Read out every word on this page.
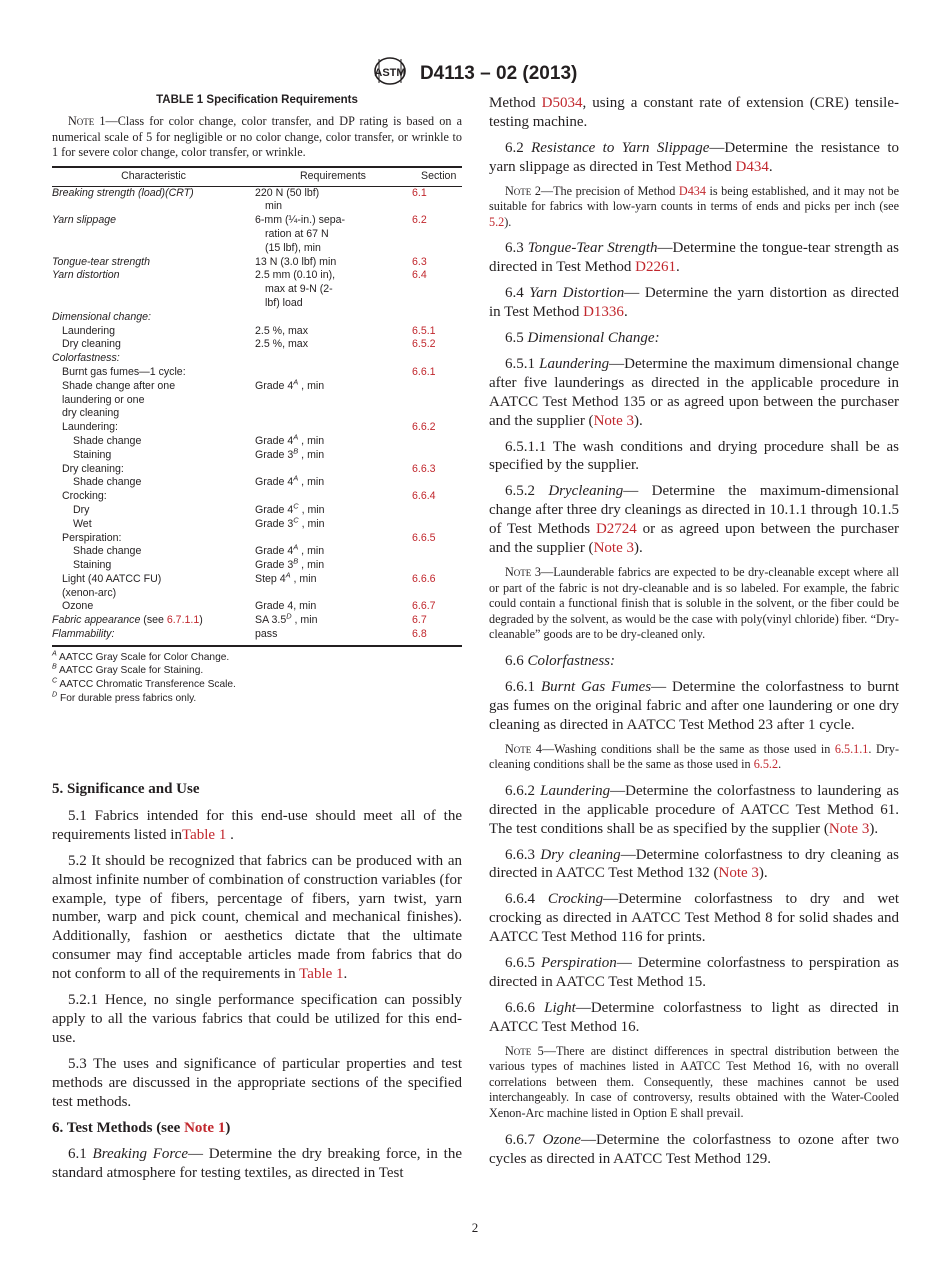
ASTM D4113 – 02 (2013)
TABLE 1 Specification Requirements

Note 1—Class for color change, color transfer, and DP rating is based on a numerical scale of 5 for negligible or no color change, color transfer, or wrinkle to 1 for severe color change, color transfer, or wrinkle.

Characteristic	Requirements	Section

Breaking strength (load)(CRT)	220 N (50 lbf)
min	6.1

Yarn slippage	6-mm (¼-in.) sepa-
ration at 67 N
(15 lbf), min	6.2

Tongue-tear strength	13 N (3.0 lbf) min	6.3

Yarn distortion	2.5 mm (0.10 in),
max at 9-N (2-
lbf) load	6.4

Dimensional change:		

Laundering	2.5 %, max	6.5.1

Dry cleaning	2.5 %, max	6.5.2

Colorfastness:		

Burnt gas fumes—1 cycle:		6.6.1

Shade change after one
laundering or one
dry cleaning	Grade $4^A$ , min	

Laundering:		6.6.2

Shade change	Grade $4^A$ , min	

Staining	Grade $3^B$ , min	

Dry cleaning:		6.6.3

Shade change	Grade $4^A$ , min	

Crocking:		6.6.4

Dry	Grade $4^C$ , min	

Wet	Grade $3^C$ , min	

Perspiration:		6.6.5

Shade change	Grade $4^A$ , min	

Staining	Grade $3^B$ , min	

Light (40 AATCC FU)
(xenon-arc)	Step $4^A$ , min	6.6.6

Ozone	Grade 4, min	6.6.7

Fabric appearance (see 6.7.1.1)	SA $3.5^D$ , min	6.7

Flammability:	pass	6.8
$^A$ AATCC Gray Scale for Color Change.
$^B$ AATCC Gray Scale for Staining.
$^C$ AATCC Chromatic Transference Scale.
$^D$ For durable press fabrics only.
5. Significance and Use

5.1 Fabrics intended for this end-use should meet all of the requirements listed inTable 1 .

5.2 It should be recognized that fabrics can be produced with an almost infinite number of combination of construction variables (for example, type of fibers, percentage of fibers, yarn twist, yarn number, warp and pick count, chemical and mechanical finishes). Additionally, fashion or aesthetics dictate that the ultimate consumer may find acceptable articles made from fabrics that do not conform to all of the requirements in Table 1.

5.2.1 Hence, no single performance specification can possibly apply to all the various fabrics that could be utilized for this end-use.

5.3 The uses and significance of particular properties and test methods are discussed in the appropriate sections of the specified test methods.

6. Test Methods (see Note 1)

6.1 Breaking Force— Determine the dry breaking force, in the standard atmosphere for testing textiles, as directed in Test

Method D5034, using a constant rate of extension (CRE) tensile-testing machine.

6.2 Resistance to Yarn Slippage—Determine the resistance to yarn slippage as directed in Test Method D434.

Note 2—The precision of Method D434 is being established, and it may not be suitable for fabrics with low-yarn counts in terms of ends and picks per inch (see 5.2).

6.3 Tongue-Tear Strength—Determine the tongue-tear strength as directed in Test Method D2261.

6.4 Yarn Distortion— Determine the yarn distortion as directed in Test Method D1336.

6.5 Dimensional Change:

6.5.1 Laundering—Determine the maximum dimensional change after five launderings as directed in the applicable procedure in AATCC Test Method 135 or as agreed upon between the purchaser and the supplier (Note 3).

6.5.1.1 The wash conditions and drying procedure shall be as specified by the supplier.

6.5.2 Drycleaning— Determine the maximum-dimensional change after three dry cleanings as directed in 10.1.1 through 10.1.5 of Test Methods D2724 or as agreed upon between the purchaser and the supplier (Note 3).

Note 3—Launderable fabrics are expected to be dry-cleanable except where all or part of the fabric is not dry-cleanable and is so labeled. For example, the fabric could contain a functional finish that is soluble in the solvent, or the fiber could be degraded by the solvent, as would be the case with poly(vinyl chloride) fiber. “Dry-cleanable” goods are to be dry-cleaned only.

6.6 Colorfastness:

6.6.1 Burnt Gas Fumes— Determine the colorfastness to burnt gas fumes on the original fabric and after one laundering or one dry cleaning as directed in AATCC Test Method 23 after 1 cycle.

Note 4—Washing conditions shall be the same as those used in 6.5.1.1. Dry-cleaning conditions shall be the same as those used in 6.5.2.

6.6.2 Laundering—Determine the colorfastness to laundering as directed in the applicable procedure of AATCC Test Method 61. The test conditions shall be as specified by the supplier (Note 3).

6.6.3 Dry cleaning—Determine colorfastness to dry cleaning as directed in AATCC Test Method 132 (Note 3).

6.6.4 Crocking—Determine colorfastness to dry and wet crocking as directed in AATCC Test Method 8 for solid shades and AATCC Test Method 116 for prints.

6.6.5 Perspiration— Determine colorfastness to perspiration as directed in AATCC Test Method 15.

6.6.6 Light—Determine colorfastness to light as directed in AATCC Test Method 16.

Note 5—There are distinct differences in spectral distribution between the various types of machines listed in AATCC Test Method 16, with no overall correlations between them. Consequently, these machines cannot be used interchangeably. In case of controversy, results obtained with the Water-Cooled Xenon-Arc machine listed in Option E shall prevail.

6.6.7 Ozone—Determine the colorfastness to ozone after two cycles as directed in AATCC Test Method 129.

2
